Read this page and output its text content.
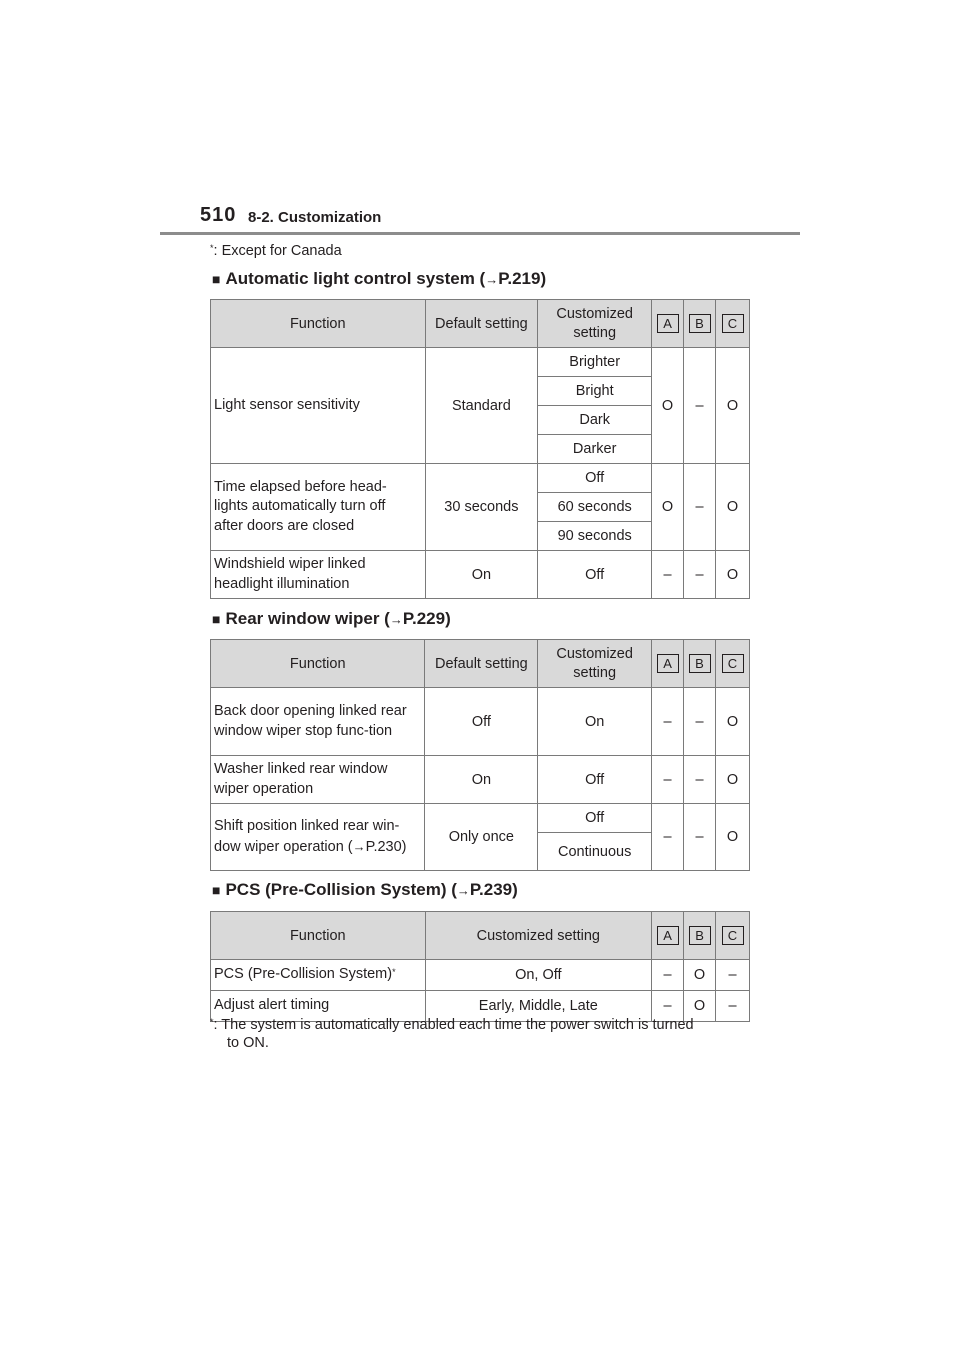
510 8-2. Customization
*: Except for Canada
■ Automatic light control system (→P.219)
Function	Default setting	Customized setting	A	B	C
Light sensor sensitivity	Standard	Brighter	O	–	O
		Bright			
		Dark			
		Darker			
Time elapsed before head-lights automatically turn off after doors are closed	30 seconds	Off	O	–	O
		60 seconds			
		90 seconds			
Windshield wiper linked headlight illumination	On	Off	–	–	O
■ Rear window wiper (→P.229)
Function	Default setting	Customized setting	A	B	C
Back door opening linked rear window wiper stop func-tion	Off	On	–	–	O
Washer linked rear window wiper operation	On	Off	–	–	O
Shift position linked rear win-dow wiper operation (→P.230)	Only once	Off	–	–	O
		Continuous			
■ PCS (Pre-Collision System) (→P.239)
Function	Customized setting	A	B	C
PCS (Pre-Collision System)*	On, Off	–	O	–
Adjust alert timing	Early, Middle, Late	–	O	–
*: The system is automatically enabled each time the power switch is turned
to ON.
